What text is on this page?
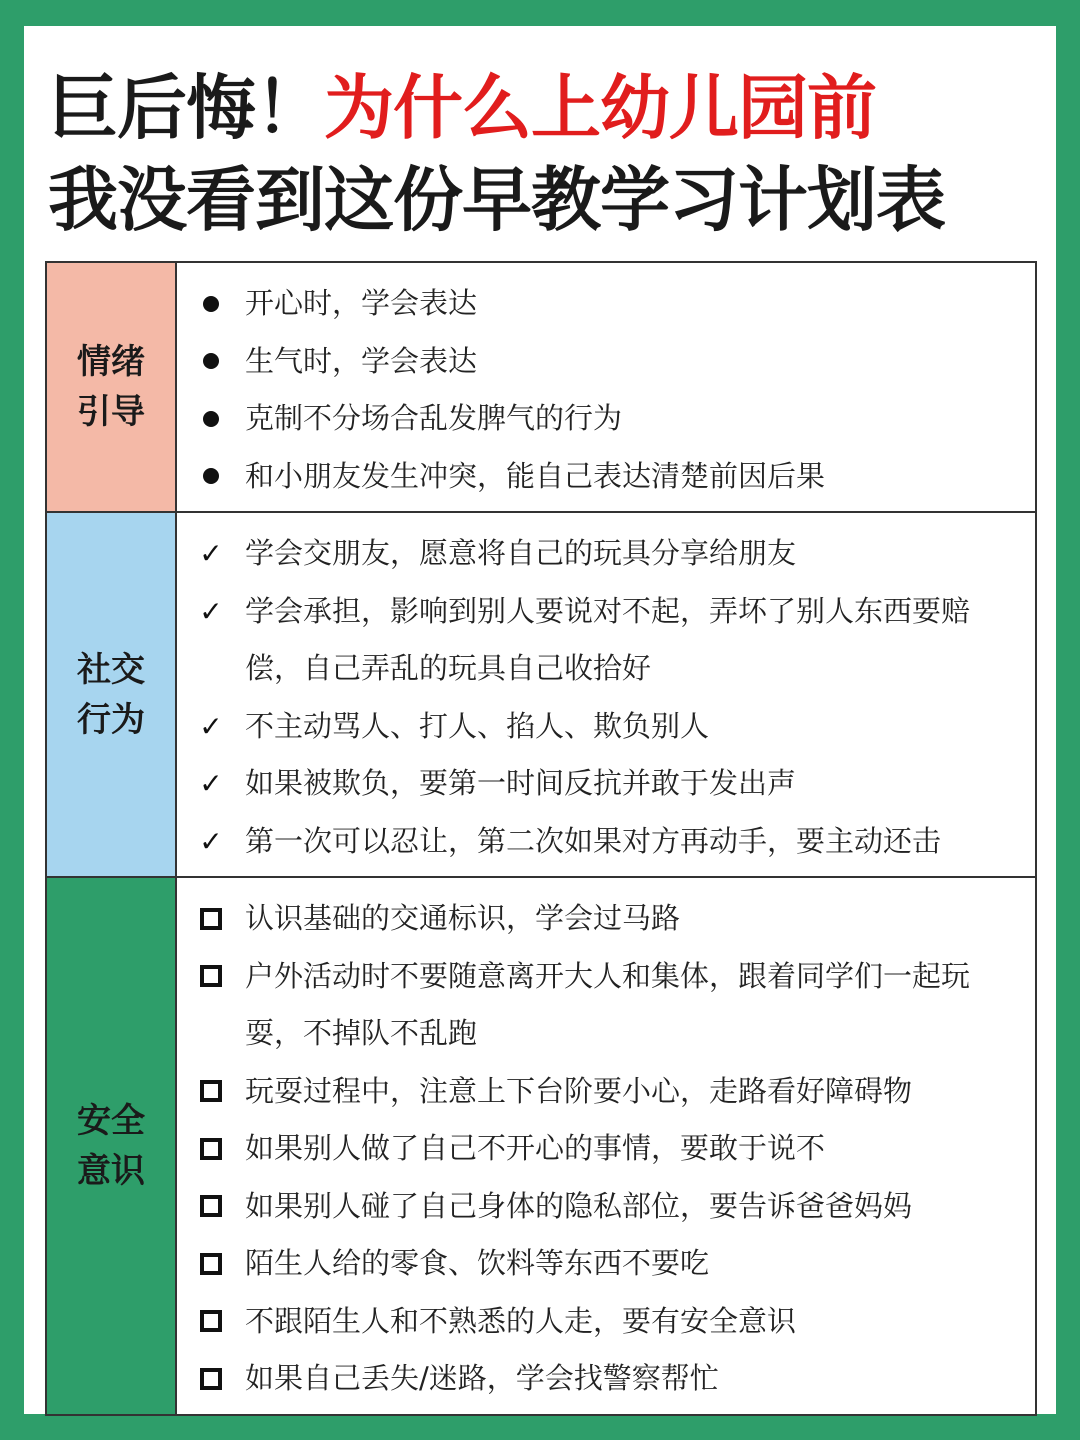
巨后悔！为什么上幼儿园前
我没看到这份早教学习计划表
情绪引导
开心时，学会表达
生气时，学会表达
克制不分场合乱发脾气的行为
和小朋友发生冲突，能自己表达清楚前因后果
社交行为
✓ 学会交朋友，愿意将自己的玩具分享给朋友
✓ 学会承担，影响到别人要说对不起，弄坏了别人东西要赔偿，自己弄乱的玩具自己收拾好
✓ 不主动骂人、打人、掐人、欺负别人
✓ 如果被欺负，要第一时间反抗并敢于发出声
✓ 第一次可以忍让，第二次如果对方再动手，要主动还击
安全意识
认识基础的交通标识，学会过马路
户外活动时不要随意离开大人和集体，跟着同学们一起玩耍，不掉队不乱跑
玩耍过程中，注意上下台阶要小心，走路看好障碍物
如果别人做了自己不开心的事情，要敢于说不
如果别人碰了自己身体的隐私部位，要告诉爸爸妈妈
陌生人给的零食、饮料等东西不要吃
不跟陌生人和不熟悉的人走，要有安全意识
如果自己丢失/迷路，学会找警察帮忙
